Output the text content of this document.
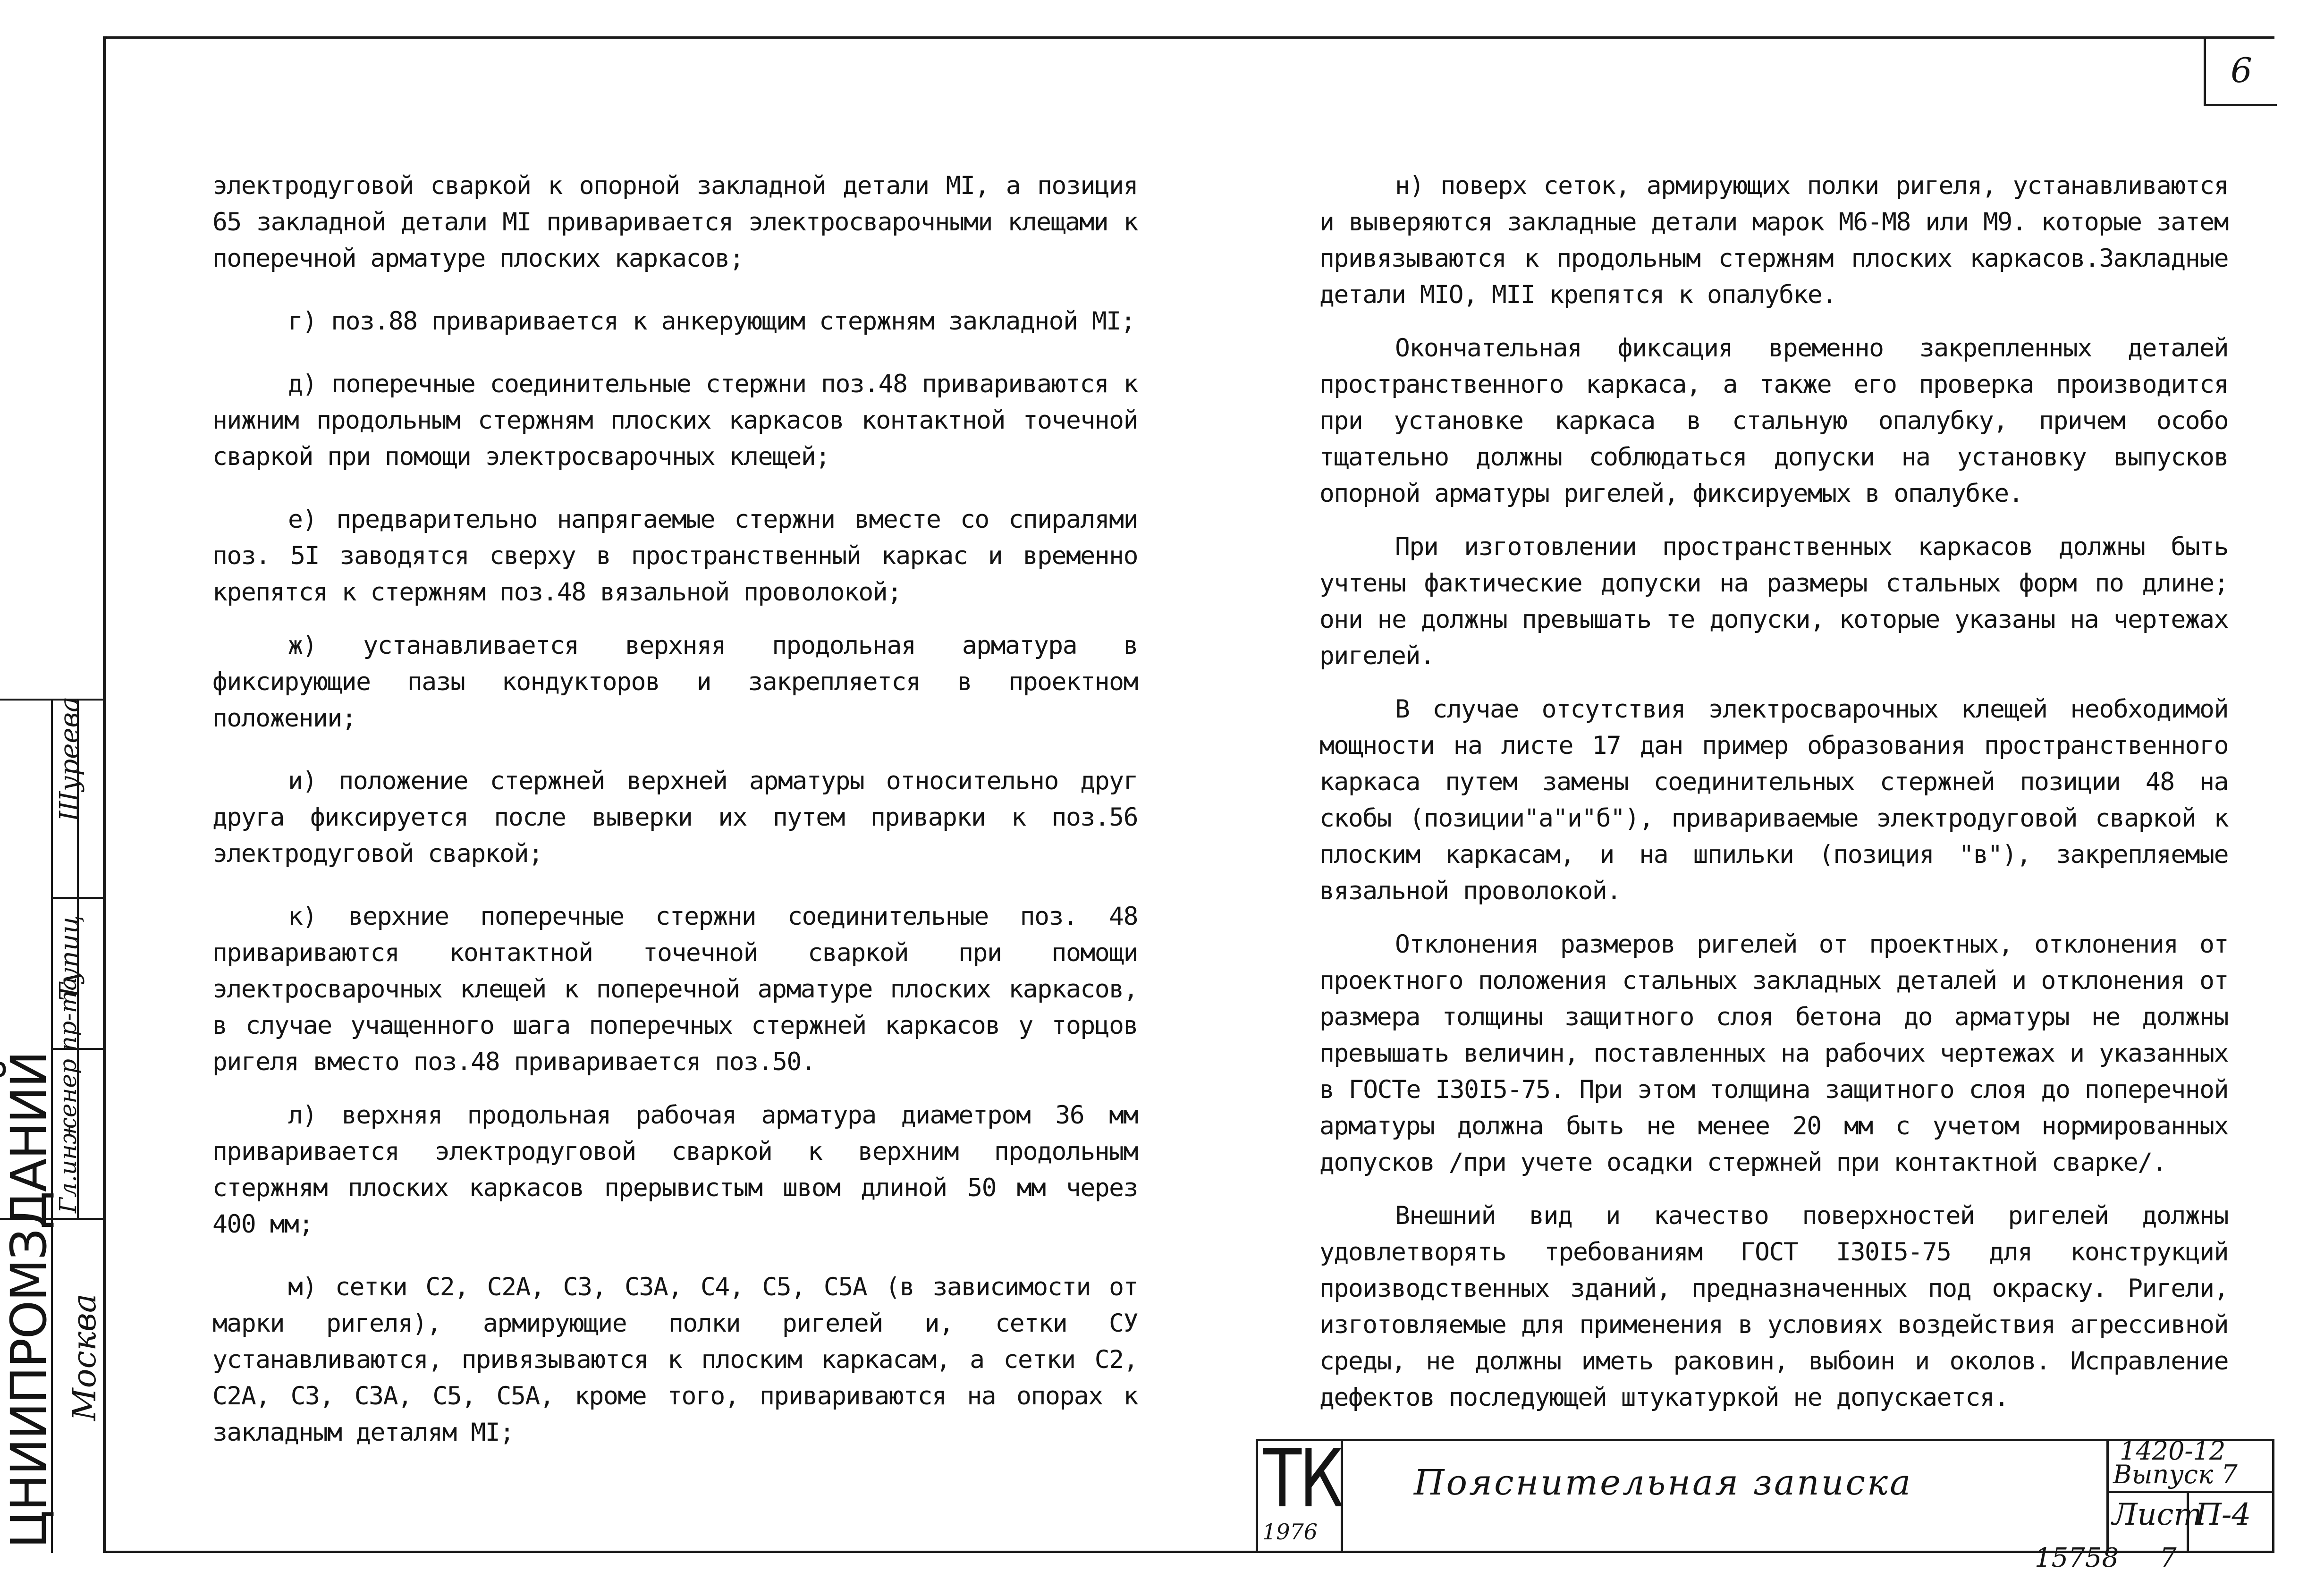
6

электродуговой сваркой к опорной закладной детали МI, а позиция 65 закладной детали МI приваривается электросварочными клещами к поперечной арматуре плоских каркасов;

г) поз.88 приваривается к анкерующим стержням закладной МI;

д) поперечные соединительные стержни поз.48 привариваются к нижним продольным стержням плоских каркасов контактной точечной сваркой при помощи электросварочных клещей;

е) предварительно напрягаемые стержни вместе со спиралями поз. 5I заводятся сверху в пространственный каркас и временно крепятся к стержням поз.48 вязальной проволокой;

ж) устанавливается верхняя продольная арматура в фиксирующие пазы кондукторов и закрепляется в проектном положении;

и) положение стержней верхней арматуры относительно друг друга фиксируется после выверки их путем приварки к поз.56 электродуговой сваркой;

к) верхние поперечные стержни соединительные поз. 48 привариваются контактной точечной сваркой при помощи электросварочных клещей к поперечной арматуре плоских каркасов, в случае учащенного шага поперечных стержней каркасов у торцов ригеля вместо поз.48 приваривается поз.50.

л) верхняя продольная рабочая арматура диаметром 36 мм приваривается электродуговой сваркой к верхним продольным стержням плоских каркасов прерывистым швом длиной 50 мм через 400 мм;

м) сетки С2, С2А, С3, С3А, С4, С5, С5А (в зависимости от марки ригеля), армирующие полки ригелей и, сетки СУ устанавливаются, привязываются к плоским каркасам, а сетки С2, С2А, С3, С3А, С5, С5А, кроме того, привариваются на опорах к закладным деталям МI;

н) поверх сеток, армирующих полки ригеля, устанавливаются и выверяются закладные детали марок М6-М8 или М9. которые затем привязываются к продольным стержням плоских каркасов.Закладные детали МIО, МII крепятся к опалубке.

Окончательная фиксация временно закрепленных деталей пространственного каркаса, а также его проверка производится при установке каркаса в стальную опалубку, причем особо тщательно должны соблюдаться допуски на установку выпусков опорной арматуры ригелей, фиксируемых в опалубке.

При изготовлении пространственных каркасов должны быть учтены фактические допуски на размеры стальных форм по длине; они не должны превышать те допуски, которые указаны на чертежах ригелей.

В случае отсутствия электросварочных клещей необходимой мощности на листе 17 дан пример образования пространственного каркаса путем замены соединительных стержней позиции 48 на скобы (позиции"а"и"б"), привариваемые электродуговой сваркой к плоским каркасам, и на шпильки (позиция "в"), закрепляемые вязальной проволокой.

Отклонения размеров ригелей от проектных, отклонения от проектного положения стальных закладных деталей и отклонения от размера толщины защитного слоя бетона до арматуры не должны превышать величин, поставленных на рабочих чертежах и указанных в ГОСТе I30I5-75. При этом толщина защитного слоя до поперечной арматуры должна быть не менее 20 мм с учетом нормированных допусков /при учете осадки стержней при контактной сварке/.

Внешний вид и качество поверхностей ригелей должны удовлетворять требованиям ГОСТ I30I5-75 для конструкций производственных зданий, предназначенных под окраску. Ригели, изготовляемые для применения в условиях воздействия агрессивной среды, не должны иметь раковин, выбоин и околов. Исправление дефектов последующей штукатуркой не допускается.

Шуреева
Тупиц
Гл.инженер пр-та
ЦНИИПРОМЗДАНИЙ Москва
ТК
1976
Пояснительная записка
1420-12
Выпуск 7
Лист
П-4
15758 7
